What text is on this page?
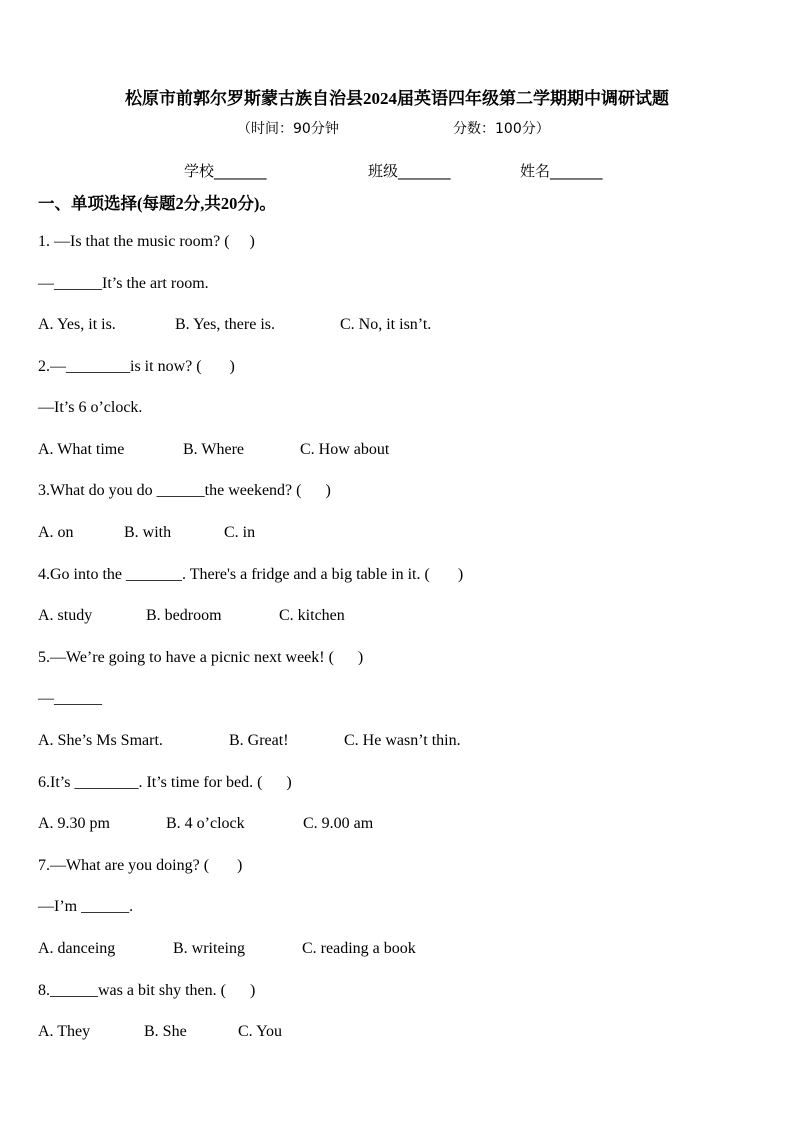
松原市前郭尔罗斯蒙古族自治县2024届英语四年级第二学期期中调研试题
（时间：90分钟	分数：100分）
学校_______	班级_______	姓名_______
一、单项选择(每题2分,共20分)。
1. —Is that the music room? (     )
—______It’s the art room.
A. Yes, it is.	B. Yes, there is.	C. No, it isn’t.
2.—________is it now? (       )
—It’s 6 o’clock.
A. What time	B. Where	C. How about
3.What do you do ______the weekend? (      )
A. on	B. with	C. in
4.Go into the _______. There's a fridge and a big table in it. (       )
A. study	B. bedroom	C. kitchen
5.—We’re going to have a picnic next week! (      )
—______
A. She’s Ms Smart.	B. Great!	C. He wasn’t thin.
6.It’s ________. It’s time for bed. (      )
A. 9.30 pm	B. 4 o’clock	C. 9.00 am
7.—What are you doing? (       )
—I’m ______.
A. danceing	B. writeing	C. reading a book
8.______was a bit shy then. (      )
A. They	B. She	C. You
